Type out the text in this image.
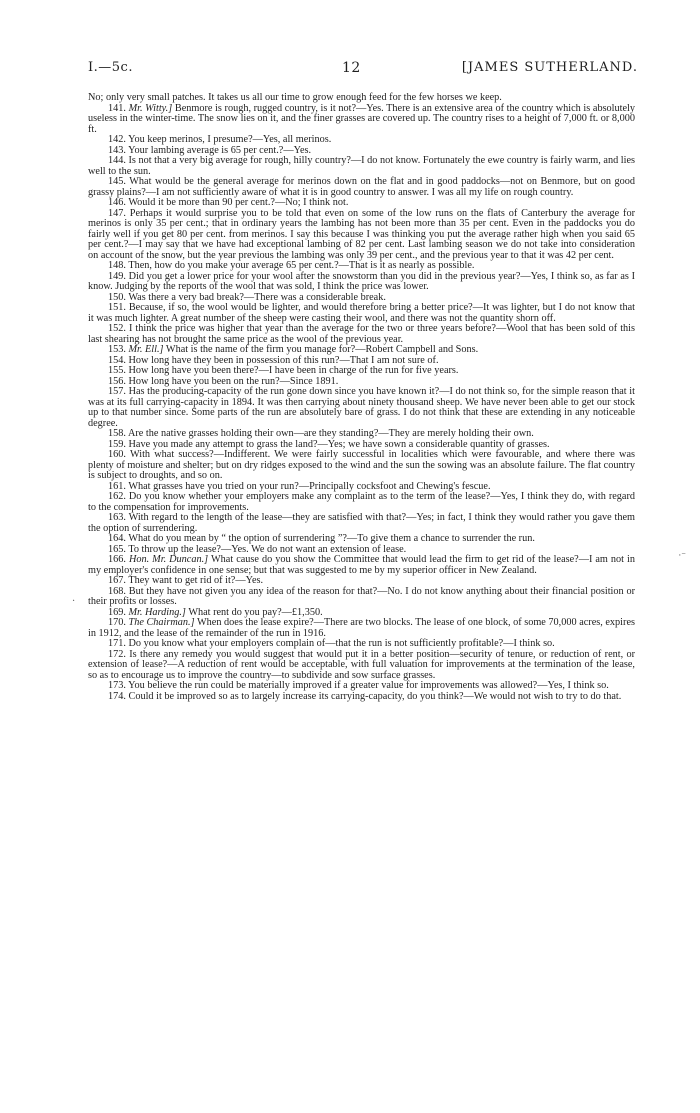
I.—5c.	12	[JAMES SUTHERLAND.

No; only very small patches. It takes us all our time to grow enough feed for the few horses we keep.

141. Mr. Witty.] Benmore is rough, rugged country, is it not?—Yes. There is an extensive area of the country which is absolutely useless in the winter-time. The snow lies on it, and the finer grasses are covered up. The country rises to a height of 7,000 ft. or 8,000 ft.

142. You keep merinos, I presume?—Yes, all merinos.

143. Your lambing average is 65 per cent.?—Yes.

144. Is not that a very big average for rough, hilly country?—I do not know. Fortunately the ewe country is fairly warm, and lies well to the sun.

145. What would be the general average for merinos down on the flat and in good paddocks—not on Benmore, but on good grassy plains?—I am not sufficiently aware of what it is in good country to answer. I was all my life on rough country.

146. Would it be more than 90 per cent.?—No; I think not.

147. Perhaps it would surprise you to be told that even on some of the low runs on the flats of Canterbury the average for merinos is only 35 per cent.; that in ordinary years the lambing has not been more than 35 per cent. Even in the paddocks you do fairly well if you get 80 per cent. from merinos. I say this because I was thinking you put the average rather high when you said 65 per cent.?—I may say that we have had exceptional lambing of 82 per cent. Last lambing season we do not take into consideration on account of the snow, but the year previous the lambing was only 39 per cent., and the previous year to that it was 42 per cent.

148. Then, how do you make your average 65 per cent.?—That is it as nearly as possible.

149. Did you get a lower price for your wool after the snowstorm than you did in the previous year?—Yes, I think so, as far as I know. Judging by the reports of the wool that was sold, I think the price was lower.

150. Was there a very bad break?—There was a considerable break.

151. Because, if so, the wool would be lighter, and would therefore bring a better price?—It was lighter, but I do not know that it was much lighter. A great number of the sheep were casting their wool, and there was not the quantity shorn off.

152. I think the price was higher that year than the average for the two or three years before?—Wool that has been sold of this last shearing has not brought the same price as the wool of the previous year.

153. Mr. Ell.] What is the name of the firm you manage for?—Robert Campbell and Sons.

154. How long have they been in possession of this run?—That I am not sure of.

155. How long have you been there?—I have been in charge of the run for five years.

156. How long have you been on the run?—Since 1891.

157. Has the producing-capacity of the run gone down since you have known it?—I do not think so, for the simple reason that it was at its full carrying-capacity in 1894. It was then carrying about ninety thousand sheep. We have never been able to get our stock up to that number since. Some parts of the run are absolutely bare of grass. I do not think that these are extending in any noticeable degree.

158. Are the native grasses holding their own—are they standing?—They are merely holding their own.

159. Have you made any attempt to grass the land?—Yes; we have sown a considerable quantity of grasses.

160. With what success?—Indifferent. We were fairly successful in localities which were favourable, and where there was plenty of moisture and shelter; but on dry ridges exposed to the wind and the sun the sowing was an absolute failure. The flat country is subject to droughts, and so on.

161. What grasses have you tried on your run?—Principally cocksfoot and Chewing's fescue.

162. Do you know whether your employers make any complaint as to the term of the lease?—Yes, I think they do, with regard to the compensation for improvements.

163. With regard to the length of the lease—they are satisfied with that?—Yes; in fact, I think they would rather you gave them the option of surrendering.

164. What do you mean by “ the option of surrendering ”?—To give them a chance to surrender the run.

165. To throw up the lease?—Yes. We do not want an extension of lease.

166. Hon. Mr. Duncan.] What cause do you show the Committee that would lead the firm to get rid of the lease?—I am not in my employer's confidence in one sense; but that was suggested to me by my superior officer in New Zealand.

167. They want to get rid of it?—Yes.

168. But they have not given you any idea of the reason for that?—No. I do not know anything about their financial position or their profits or losses.

169. Mr. Harding.] What rent do you pay?—£1,350.

170. The Chairman.] When does the lease expire?—There are two blocks. The lease of one block, of some 70,000 acres, expires in 1912, and the lease of the remainder of the run in 1916.

171. Do you know what your employers complain of—that the run is not sufficiently profitable?—I think so.

172. Is there any remedy you would suggest that would put it in a better position—security of tenure, or reduction of rent, or extension of lease?—A reduction of rent would be acceptable, with full valuation for improvements at the termination of the lease, so as to encourage us to improve the country—to subdivide and sow surface grasses.

173. You believe the run could be materially improved if a greater value for improvements was allowed?—Yes, I think so.

174. Could it be improved so as to largely increase its carrying-capacity, do you think?—We would not wish to try to do that.

·⁻
·
